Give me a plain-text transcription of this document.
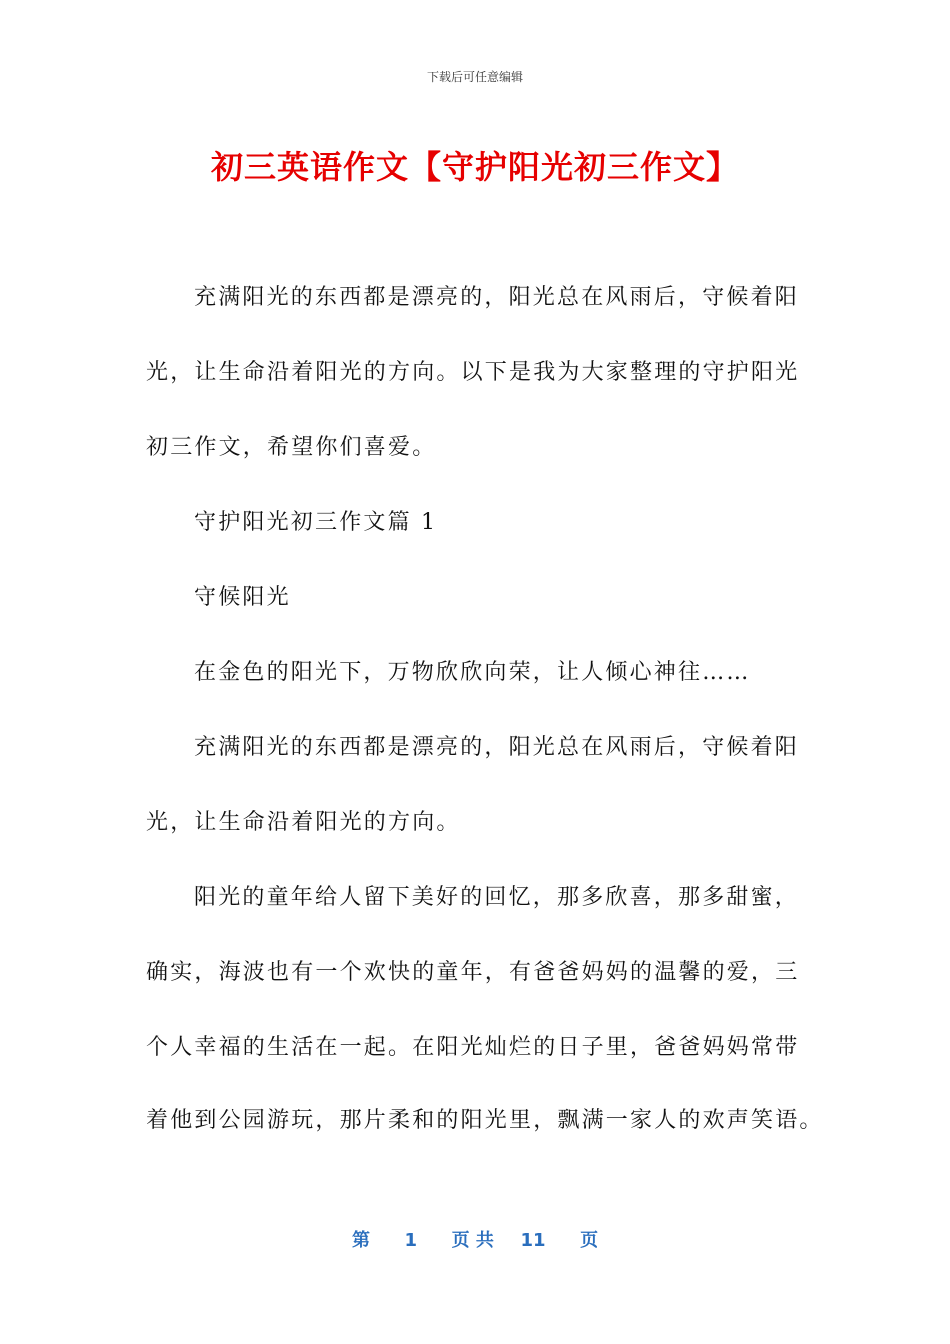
下载后可任意编辑
初三英语作文【守护阳光初三作文】
充满阳光的东西都是漂亮的，阳光总在风雨后，守候着阳
光，让生命沿着阳光的方向。以下是我为大家整理的守护阳光
初三作文，希望你们喜爱。
守护阳光初三作文篇 1
守候阳光
在金色的阳光下，万物欣欣向荣，让人倾心神往……
充满阳光的东西都是漂亮的，阳光总在风雨后，守候着阳
光，让生命沿着阳光的方向。
阳光的童年给人留下美好的回忆，那多欣喜，那多甜蜜，
确实，海波也有一个欢快的童年，有爸爸妈妈的温馨的爱，三
个人幸福的生活在一起。在阳光灿烂的日子里，爸爸妈妈常带
着他到公园游玩，那片柔和的阳光里，飘满一家人的欢声笑语。
第 1 页 共 11 页
